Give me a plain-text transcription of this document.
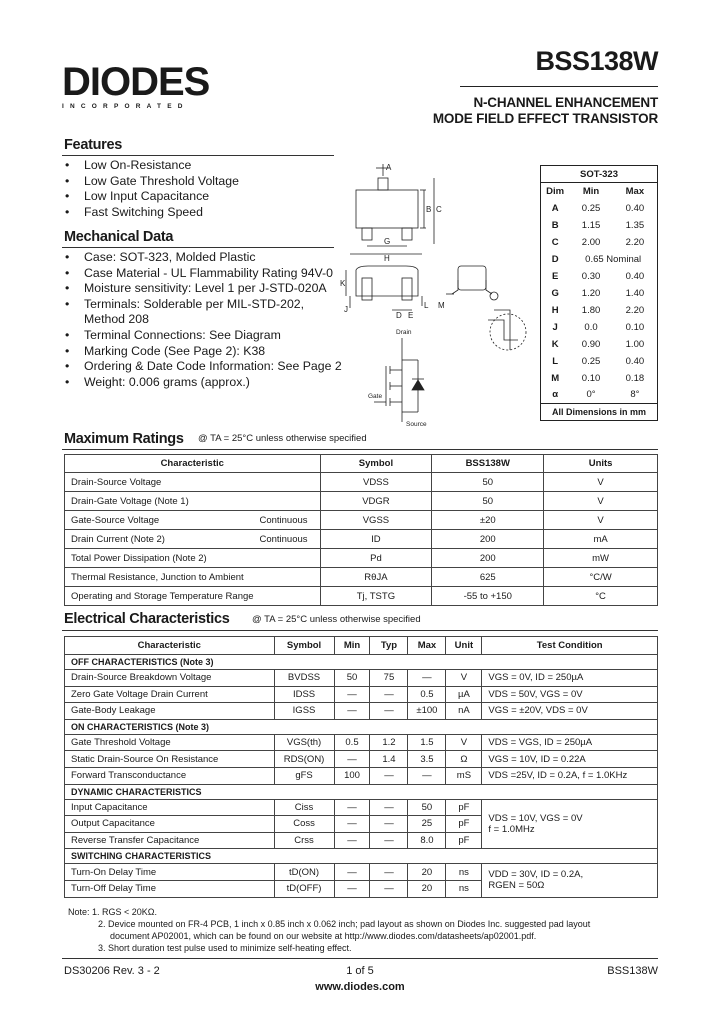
DIODES
INCORPORATED
BSS138W
N-CHANNEL ENHANCEMENT
MODE FIELD EFFECT TRANSISTOR
Features
• Low On-Resistance
• Low Gate Threshold Voltage
• Low Input Capacitance
• Fast Switching Speed
Mechanical Data
• Case: SOT-323, Molded Plastic
• Case Material - UL Flammability Rating 94V-0
• Moisture sensitivity: Level 1 per J-STD-020A
• Terminals: Solderable per MIL-STD-202,
Method 208
• Terminal Connections: See Diagram
• Marking Code (See Page 2): K38
• Ordering & Date Code Information: See Page 2
• Weight: 0.006 grams (approx.)
A
B C
G
H
K
J	L
D E
M
Drain
Gate
Source
SOT-323		
Dim	Min	Max
A	0.25	0.40
B	1.15	1.35
C	2.00	2.20
D	0.65 Nominal	
E	0.30	0.40
G	1.20	1.40
H	1.80	2.20
J	0.0	0.10
K	0.90	1.00
L	0.25	0.40
M	0.10	0.18
α	0°	8°
All Dimensions in mm		
Maximum Ratings @ TA = 25°C unless otherwise specified
Characteristic	Symbol	BSS138W	Units
Drain-Source Voltage	VDSS	50	V
Drain-Gate Voltage (Note 1)	VDGR	50	V
Gate-Source Voltage Continuous	VGSS	±20	V
Drain Current (Note 2) Continuous	ID	200	mA
Total Power Dissipation (Note 2)	Pd	200	mW
Thermal Resistance, Junction to Ambient	RθJA	625	°C/W
Operating and Storage Temperature Range	Tj, TSTG	-55 to +150	°C
Electrical Characteristics @ TA = 25°C unless otherwise specified
Characteristic	Symbol	Min	Typ	Max	Unit	Test Condition
OFF CHARACTERISTICS (Note 3)						
Drain-Source Breakdown Voltage	BVDSS	50	75	—	V	VGS = 0V, ID = 250µA
Zero Gate Voltage Drain Current	IDSS	—	—	0.5	µA	VDS = 50V, VGS = 0V
Gate-Body Leakage	IGSS	—	—	±100	nA	VGS = ±20V, VDS = 0V
ON CHARACTERISTICS (Note 3)						
Gate Threshold Voltage	VGS(th)	0.5	1.2	1.5	V	VDS = VGS, ID = 250µA
Static Drain-Source On Resistance	RDS(ON)	—	1.4	3.5	Ω	VGS = 10V, ID = 0.22A
Forward Transconductance	gFS	100	—	—	mS	VDS =25V, ID = 0.2A, f = 1.0KHz
DYNAMIC CHARACTERISTICS						
Input Capacitance	Ciss	—	—	50	pF	VDS = 10V, VGS = 0V
f = 1.0MHz

Output Capacitance	Coss	—	—	25	pF	
Reverse Transfer Capacitance	Crss	—	—	8.0	pF	
SWITCHING CHARACTERISTICS						
Turn-On Delay Time	tD(ON)	—	—	20	ns	VDD = 30V, ID = 0.2A,
RGEN = 50Ω

Turn-Off Delay Time	tD(OFF)	—	—	20	ns	
Note: 1. RGS < 20KΩ.
2. Device mounted on FR-4 PCB, 1 inch x 0.85 inch x 0.062 inch; pad layout as shown on Diodes Inc. suggested pad layout
document AP02001, which can be found on our website at http://www.diodes.com/datasheets/ap02001.pdf.
3. Short duration test pulse used to minimize self-heating effect.
DS30206 Rev. 3 - 2	1 of 5
www.diodes.com
BSS138W
